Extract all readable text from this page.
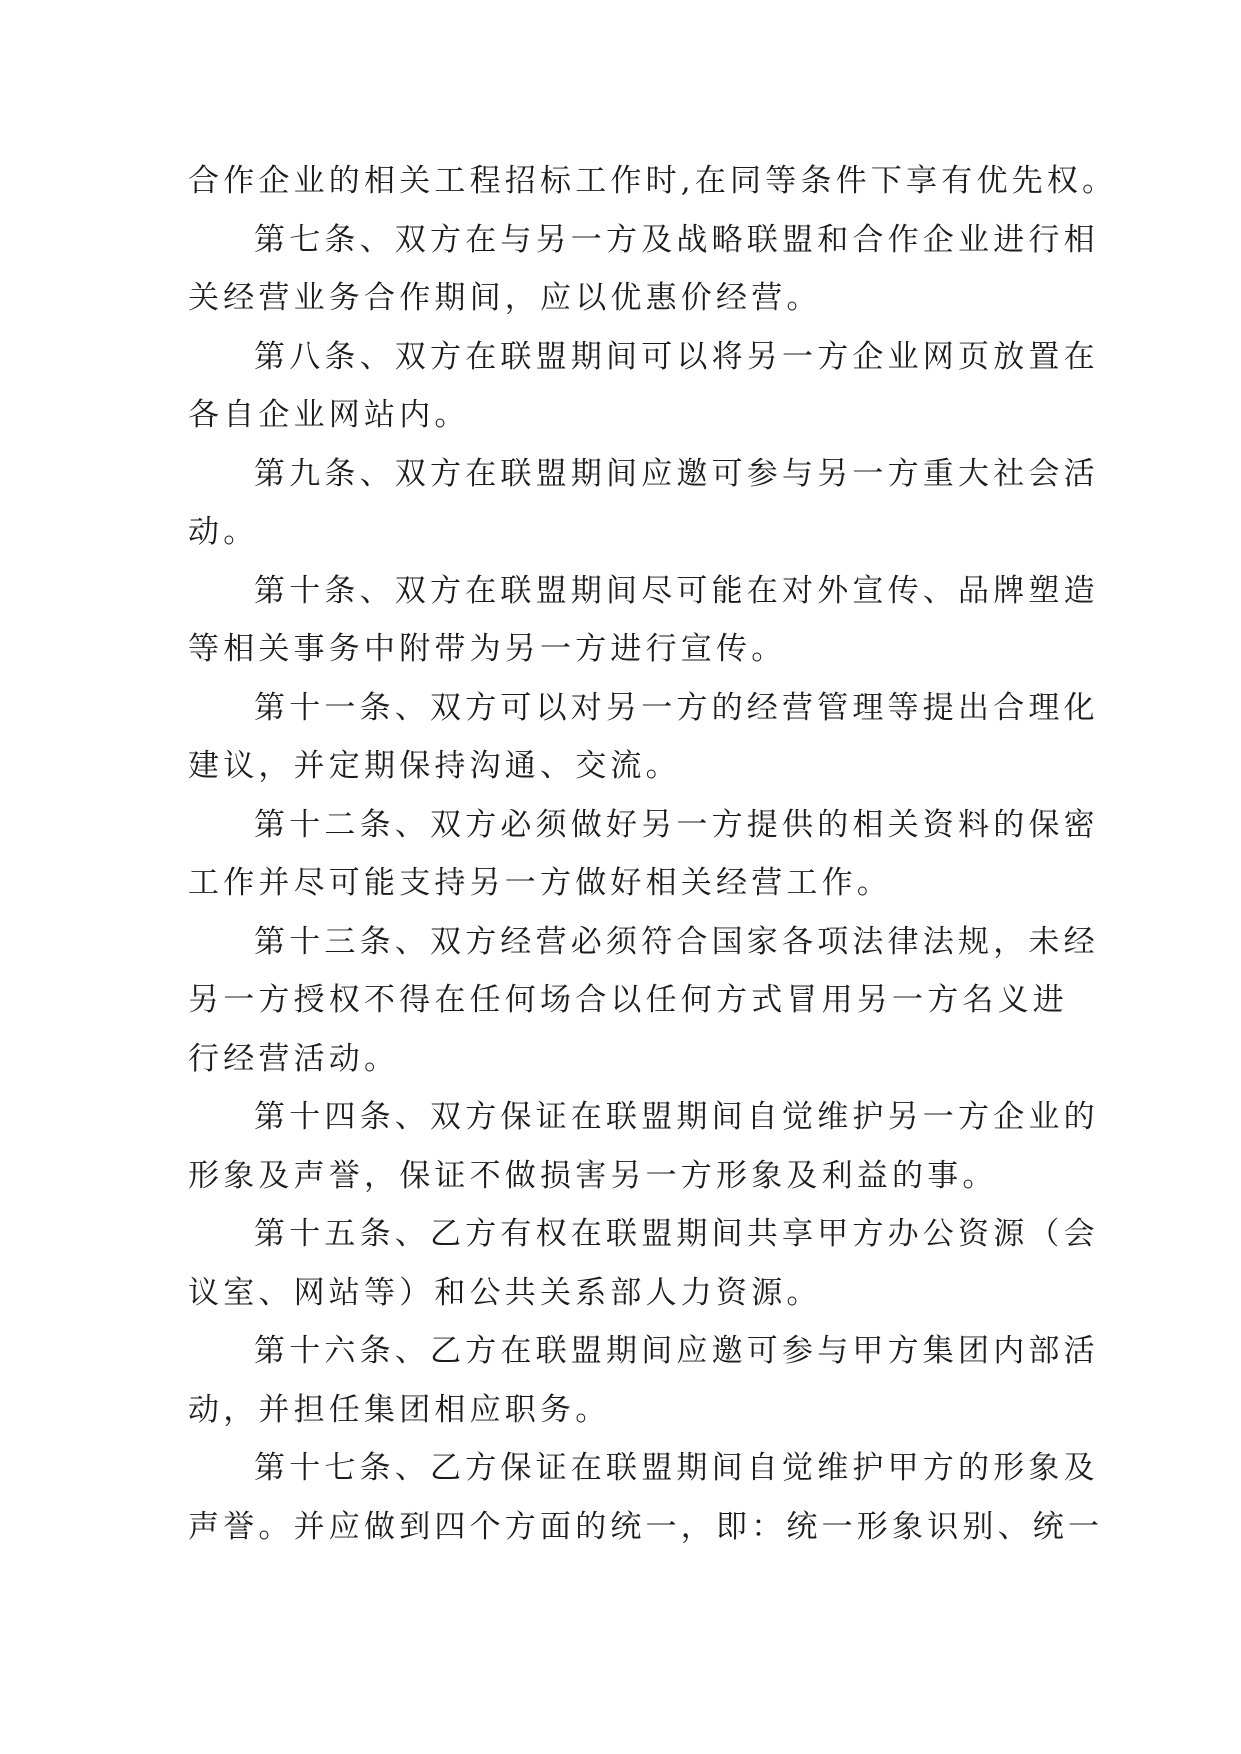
合作企业的相关工程招标工作时,在同等条件下享有优先权。
第七条、双方在与另一方及战略联盟和合作企业进行相
关经营业务合作期间，应以优惠价经营。
第八条、双方在联盟期间可以将另一方企业网页放置在
各自企业网站内。
第九条、双方在联盟期间应邀可参与另一方重大社会活
动。
第十条、双方在联盟期间尽可能在对外宣传、品牌塑造
等相关事务中附带为另一方进行宣传。
第十一条、双方可以对另一方的经营管理等提出合理化
建议，并定期保持沟通、交流。
第十二条、双方必须做好另一方提供的相关资料的保密
工作并尽可能支持另一方做好相关经营工作。
第十三条、双方经营必须符合国家各项法律法规，未经
另一方授权不得在任何场合以任何方式冒用另一方名义进
行经营活动。
第十四条、双方保证在联盟期间自觉维护另一方企业的
形象及声誉，保证不做损害另一方形象及利益的事。
第十五条、乙方有权在联盟期间共享甲方办公资源（会
议室、网站等）和公共关系部人力资源。
第十六条、乙方在联盟期间应邀可参与甲方集团内部活
动，并担任集团相应职务。
第十七条、乙方保证在联盟期间自觉维护甲方的形象及
声誉。并应做到四个方面的统一，即：统一形象识别、统一
